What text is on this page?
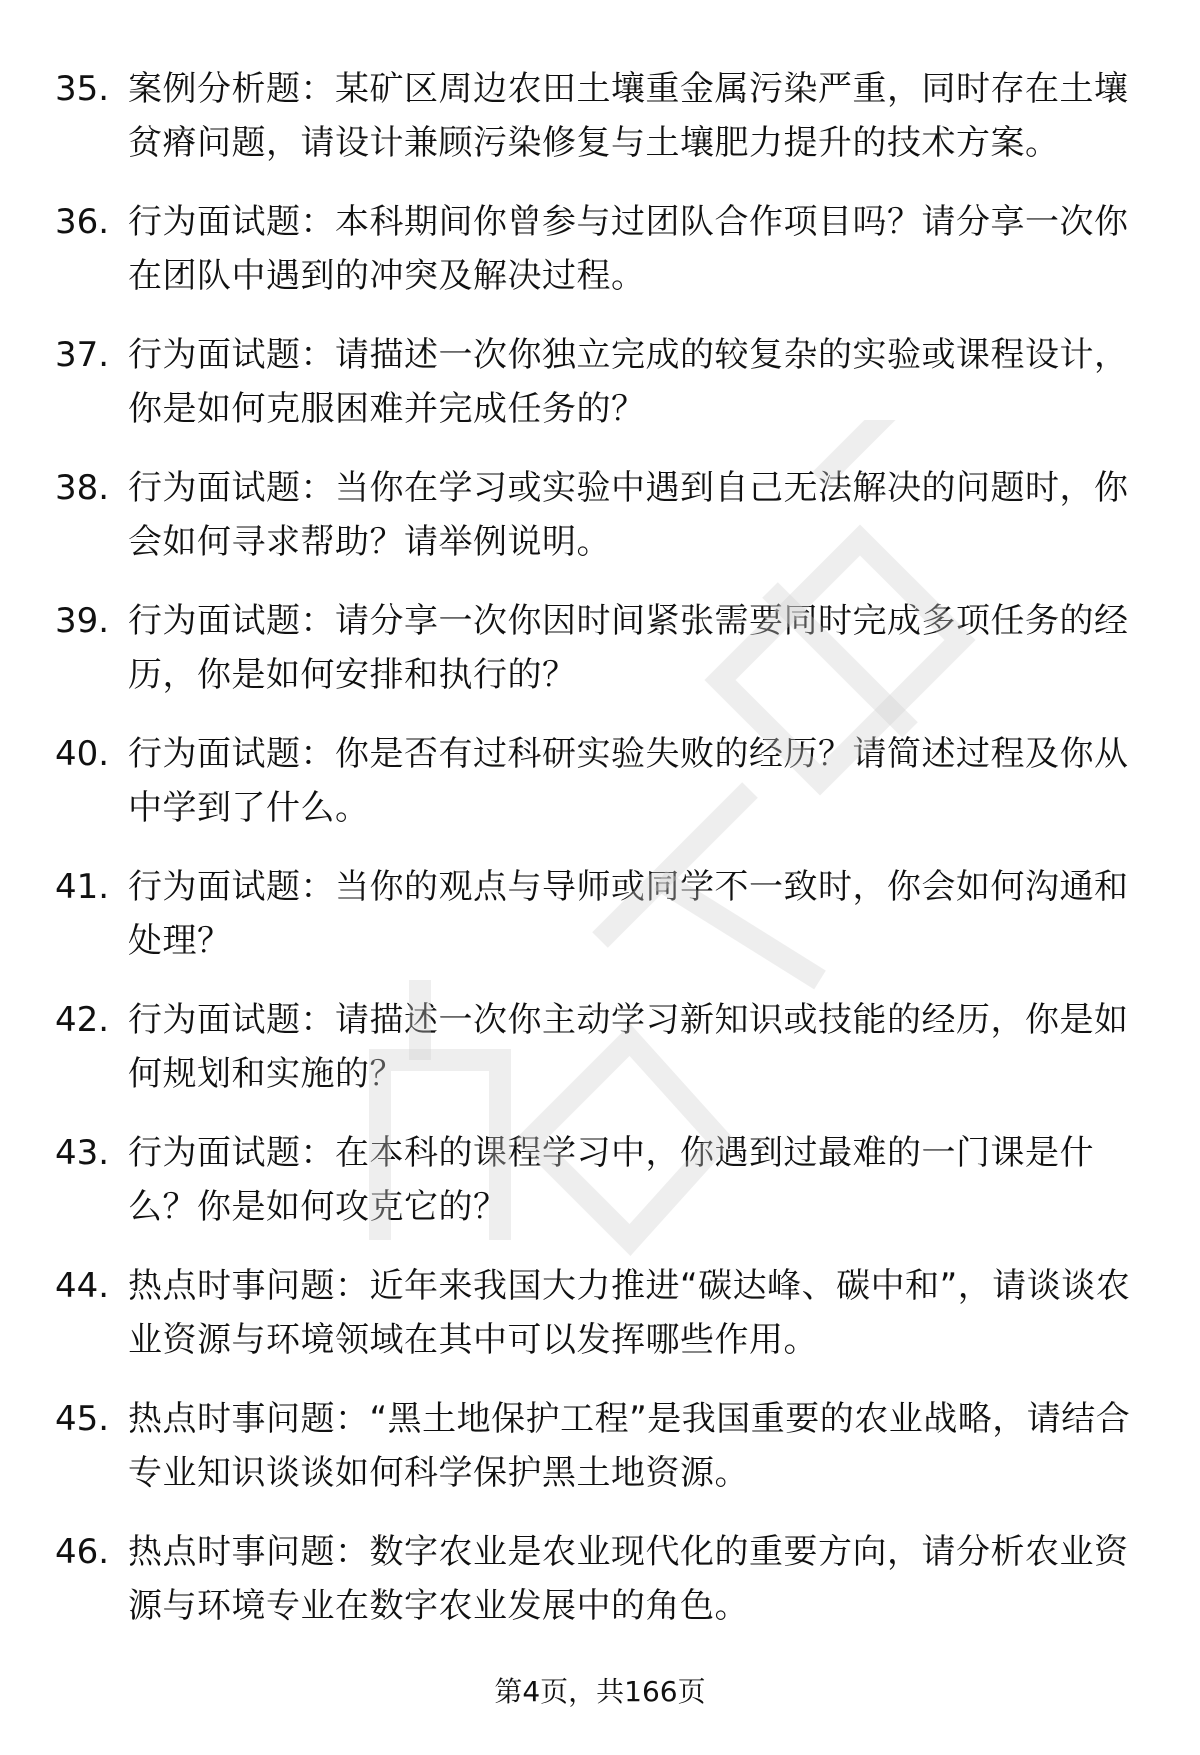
35. 案例分析题：某矿区周边农田土壤重金属污染严重，同时存在土壤贫瘠问题，请设计兼顾污染修复与土壤肥力提升的技术方案。
36. 行为面试题：本科期间你曾参与过团队合作项目吗？请分享一次你在团队中遇到的冲突及解决过程。
37. 行为面试题：请描述一次你独立完成的较复杂的实验或课程设计，你是如何克服困难并完成任务的？
38. 行为面试题：当你在学习或实验中遇到自己无法解决的问题时，你会如何寻求帮助？请举例说明。
39. 行为面试题：请分享一次你因时间紧张需要同时完成多项任务的经历，你是如何安排和执行的？
40. 行为面试题：你是否有过科研实验失败的经历？请简述过程及你从中学到了什么。
41. 行为面试题：当你的观点与导师或同学不一致时，你会如何沟通和处理？
42. 行为面试题：请描述一次你主动学习新知识或技能的经历，你是如何规划和实施的？
43. 行为面试题：在本科的课程学习中，你遇到过最难的一门课是什么？你是如何攻克它的？
44. 热点时事问题：近年来我国大力推进“碳达峰、碳中和”，请谈谈农业资源与环境领域在其中可以发挥哪些作用。
45. 热点时事问题：“黑土地保护工程”是我国重要的农业战略，请结合专业知识谈谈如何科学保护黑土地资源。
46. 热点时事问题：数字农业是农业现代化的重要方向，请分析农业资源与环境专业在数字农业发展中的角色。
第4页，共166页
